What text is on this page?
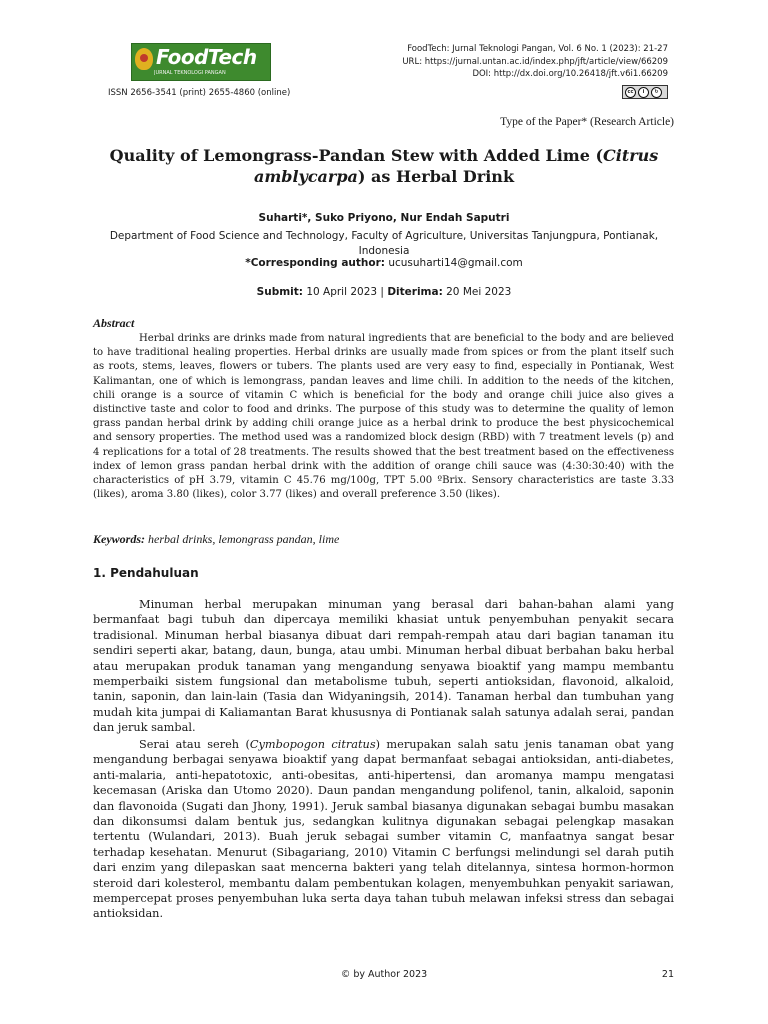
FoodTech
JURNAL TEKNOLOGI PANGAN
ISSN 2656-3541 (print) 2655-4860 (online)
FoodTech: Jurnal Teknologi Pangan, Vol. 6 No. 1 (2023): 21-27
URL: https://jurnal.untan.ac.id/index.php/jft/article/view/66209
DOI: http://dx.doi.org/10.26418/jft.v6i1.66209
cc	i	↻
Type of the Paper* (Research Article)
Quality of Lemongrass-Pandan Stew with Added Lime (Citrus amblycarpa) as Herbal Drink
Suharti*, Suko Priyono, Nur Endah Saputri
Department of Food Science and Technology, Faculty of Agriculture, Universitas Tanjungpura, Pontianak, Indonesia
*Corresponding author: ucusuharti14@gmail.com
Submit: 10 April 2023 | Diterima: 20 Mei 2023
Abstract

Herbal drinks are drinks made from natural ingredients that are beneficial to the body and are believed to have traditional healing properties. Herbal drinks are usually made from spices or from the plant itself such as roots, stems, leaves, flowers or tubers. The plants used are very easy to find, especially in Pontianak, West Kalimantan, one of which is lemongrass, pandan leaves and lime chili. In addition to the needs of the kitchen, chili orange is a source of vitamin C which is beneficial for the body and orange chili juice also gives a distinctive taste and color to food and drinks. The purpose of this study was to determine the quality of lemon grass pandan herbal drink by adding chili orange juice as a herbal drink to produce the best physicochemical and sensory properties. The method used was a randomized block design (RBD) with 7 treatment levels (p) and 4 replications for a total of 28 treatments. The results showed that the best treatment based on the effectiveness index of lemon grass pandan herbal drink with the addition of orange chili sauce was (4:30:30:40) with the characteristics of pH 3.79, vitamin C 45.76 mg/100g, TPT 5.00 ºBrix. Sensory characteristics are taste 3.33 (likes), aroma 3.80 (likes), color 3.77 (likes) and overall preference 3.50 (likes).

Keywords: herbal drinks, lemongrass pandan, lime
1. Pendahuluan

Minuman herbal merupakan minuman yang berasal dari bahan-bahan alami yang bermanfaat bagi tubuh dan dipercaya memiliki khasiat untuk penyembuhan penyakit secara tradisional. Minuman herbal biasanya dibuat dari rempah-rempah atau dari bagian tanaman itu sendiri seperti akar, batang, daun, bunga, atau umbi. Minuman herbal dibuat berbahan baku herbal atau merupakan produk tanaman yang mengandung senyawa bioaktif yang mampu membantu memperbaiki sistem fungsional dan metabolisme tubuh, seperti antioksidan, flavonoid, alkaloid, tanin, saponin, dan lain-lain (Tasia dan Widyaningsih, 2014). Tanaman herbal dan tumbuhan yang mudah kita jumpai di Kaliamantan Barat khususnya di Pontianak salah satunya adalah serai, pandan dan jeruk sambal.

Serai atau sereh (Cymbopogon citratus) merupakan salah satu jenis tanaman obat yang mengandung berbagai senyawa bioaktif yang dapat bermanfaat sebagai antioksidan, anti-diabetes, anti-malaria, anti-hepatotoxic, anti-obesitas, anti-hipertensi, dan aromanya mampu mengatasi kecemasan (Ariska dan Utomo 2020). Daun pandan mengandung polifenol, tanin, alkaloid, saponin dan flavonoida (Sugati dan Jhony, 1991). Jeruk sambal biasanya digunakan sebagai bumbu masakan dan dikonsumsi dalam bentuk jus, sedangkan kulitnya digunakan sebagai pelengkap masakan tertentu (Wulandari, 2013). Buah jeruk sebagai sumber vitamin C, manfaatnya sangat besar terhadap kesehatan. Menurut (Sibagariang, 2010) Vitamin C berfungsi melindungi sel darah putih dari enzim yang dilepaskan saat mencerna bakteri yang telah ditelannya, sintesa hormon-hormon steroid dari kolesterol, membantu dalam pembentukan kolagen, menyembuhkan penyakit sariawan, mempercepat proses penyembuhan luka serta daya tahan tubuh melawan infeksi stress dan sebagai antioksidan.

© by Author 2023	21
